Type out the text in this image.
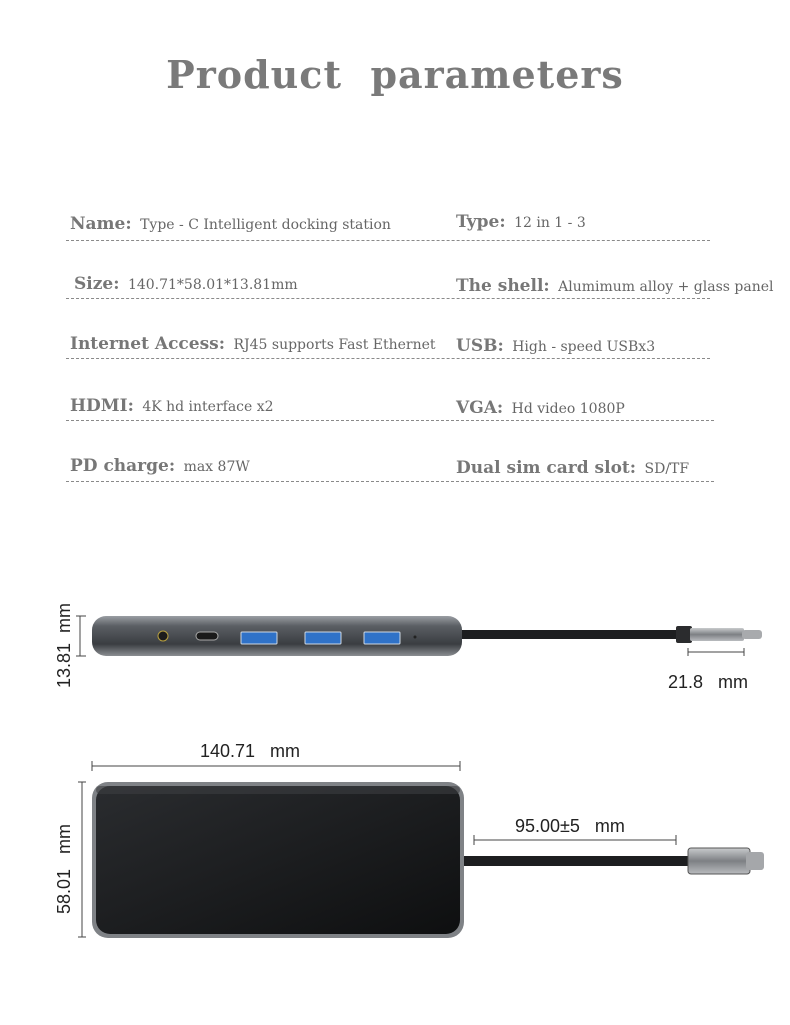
Product  parameters
Name: Type - C Intelligent docking station	Type: 12 in 1 - 3
Size: 140.71*58.01*13.81mm	The shell: Alumimum alloy + glass panel
Internet Access: RJ45 supports Fast Ethernet USB: High - speed USBx3
HDMI: 4K hd interface x2	VGA: Hd video 1080P
PD charge: max 87W	Dual sim card slot: SD/TF
13.81  mm	21.8   mm
140.71   mm
58.01   mm	95.00±5   mm
